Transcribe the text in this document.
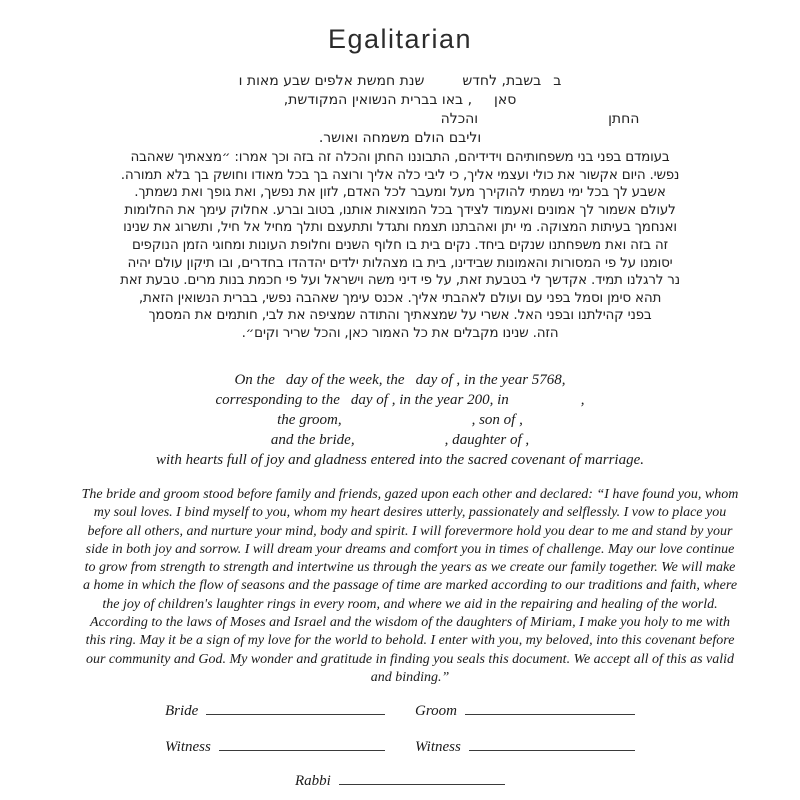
Egalitarian
ב
בשבת, לחדש
שנת חמשת אלפים שבע מאות ו
סאן
, באו בברית הנשואין המקודשת,
החתן
והכלה
וליבם הולם משמחה ואושר.
בעומדם בפני בני משפחותיהם וידידיהם, התבוננו החתן והכלה זה בזה וכך אמרו: ״מצאתיך שאהבה
נפשי. היום אקשור את כולי ועצמי אליך, כי ליבי כלה אליך ורוצה בך בכל מאודו וחושק בך בלא תמורה.
אשבע לך בכל ימי נשמתי להוקירך מעל ומעבר לכל האדם, לזון את נפשך, ואת גופך ואת נשמתך.
לעולם אשמור לך אמונים ואעמוד לצידך בכל המוצאות אותנו, בטוב וברע. אחלוק עימך את החלומות
ואנחמך בעיתות המצוקה. מי יתן ואהבתנו תצמח ותגדל ותתעצם ותלך מחיל אל חיל, ותשרוג את שנינו
זה בזה ואת משפחתנו שנקים ביחד. נקים בית בו חלוף השנים וחלופת העונות ומחוגי הזמן הנוקפים
יסומנו על פי המסורות והאמונות שבידינו, בית בו מצהלות ילדים יהדהדו בחדרים, ובו תיקון עולם יהיה
נר לרגלנו תמיד. אקדשך לי בטבעת זאת, על פי דיני משה וישראל ועל פי חכמת בנות מרים. טבעת זאת
תהא סימן וסמל בפני עם ועולם לאהבתי אליך. אכנס עימך שאהבה נפשי, בברית הנשואין הזאת,
בפני קהילתנו ובפני האל. אשרי על שמצאתיך והתודה שמציפה את לבי, חותמים את המסמך
הזה. שנינו מקבלים את כל האמור כאן, והכל שריר וקים״.
On the day of the week, the day of , in the year 5768,
corresponding to the day of , in the year 200, in	,
the groom,	, son of ,
and the bride,	, daughter of ,
with hearts full of joy and gladness entered into the sacred covenant of marriage.
The bride and groom stood before family and friends, gazed upon each other and declared: “I have found you, whom my soul loves. I bind myself to you, whom my heart desires utterly, passionately and selflessly. I vow to place you before all others, and nurture your mind, body and spirit. I will forevermore hold you dear to me and stand by your side in both joy and sorrow. I will dream your dreams and comfort you in times of challenge. May our love continue to grow from strength to strength and intertwine us through the years as we create our family together. We will make a home in which the flow of seasons and the passage of time are marked according to our traditions and faith, where the joy of children's laughter rings in every room, and where we aid in the repairing and healing of the world. According to the laws of Moses and Israel and the wisdom of the daughters of Miriam, I make you holy to me with this ring. May it be a sign of my love for the world to behold. I enter with you, my beloved, into this covenant before our community and God. My wonder and gratitude in finding you seals this document. We accept all of this as valid and binding.”
Bride	Groom
Witness	Witness
Rabbi
